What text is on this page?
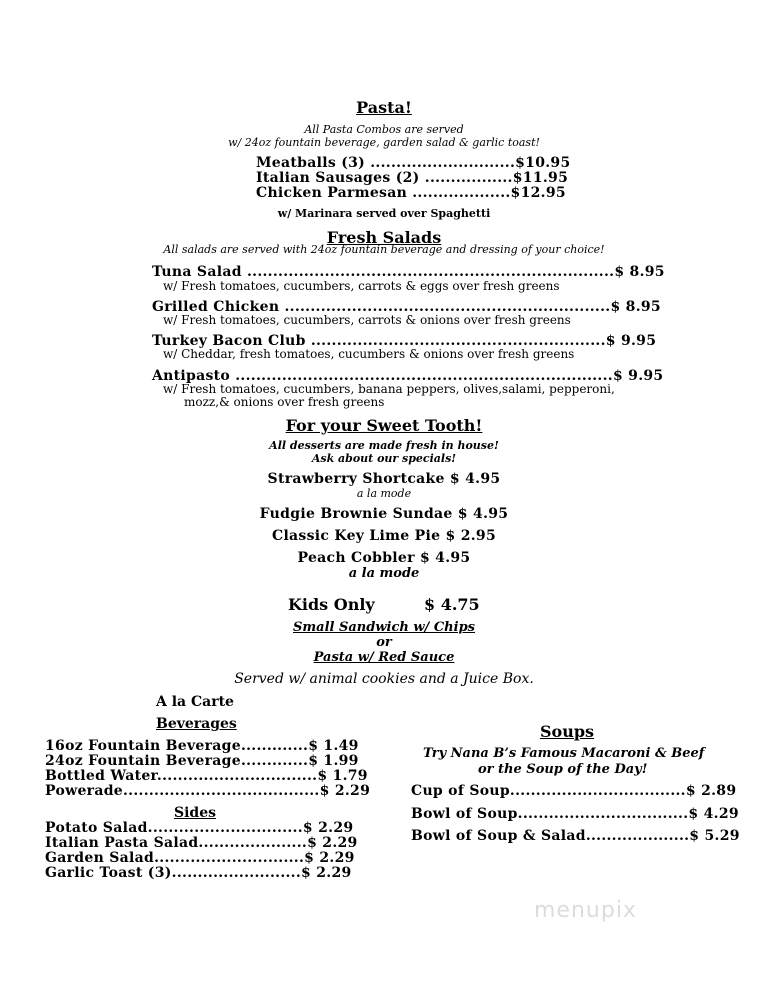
Pasta!
All Pasta Combos are served
w/ 24oz fountain beverage, garden salad & garlic toast!
Meatballs (3) ............................$10.95
Italian Sausages (2) .................$11.95
Chicken Parmesan ...................$12.95
w/ Marinara served over Spaghetti
Fresh Salads
All salads are served with 24oz fountain beverage and dressing of your choice!
Tuna Salad .......................................................................$ 8.95
w/ Fresh tomatoes, cucumbers, carrots & eggs over fresh greens
Grilled Chicken ...............................................................$ 8.95
w/ Fresh tomatoes, cucumbers, carrots & onions over fresh greens
Turkey Bacon Club .........................................................$ 9.95
w/ Cheddar, fresh tomatoes, cucumbers & onions over fresh greens
Antipasto .........................................................................$ 9.95
w/ Fresh tomatoes, cucumbers, banana peppers, olives,salami, pepperoni,
mozz,& onions over fresh greens
For your Sweet Tooth!
All desserts are made fresh in house!
Ask about our specials!
Strawberry Shortcake $ 4.95
a la mode
Fudgie Brownie Sundae $ 4.95
Classic Key Lime Pie $ 2.95
Peach Cobbler $ 4.95
a la mode
Kids Only	$ 4.75
Small Sandwich w/ Chips
or
Pasta w/ Red Sauce
Served w/ animal cookies and a Juice Box.
A la Carte
Beverages
16oz Fountain Beverage.............$ 1.49
24oz Fountain Beverage.............$ 1.99
Bottled Water...............................$ 1.79
Powerade......................................$ 2.29
Sides
Potato Salad..............................$ 2.29
Italian Pasta Salad.....................$ 2.29
Garden Salad.............................$ 2.29
Garlic Toast (3).........................$ 2.29
Soups
Try Nana B’s Famous Macaroni & Beef
or the Soup of the Day!
Cup of Soup..................................$ 2.89
Bowl of Soup.................................$ 4.29
Bowl of Soup & Salad....................$ 5.29
menupix
